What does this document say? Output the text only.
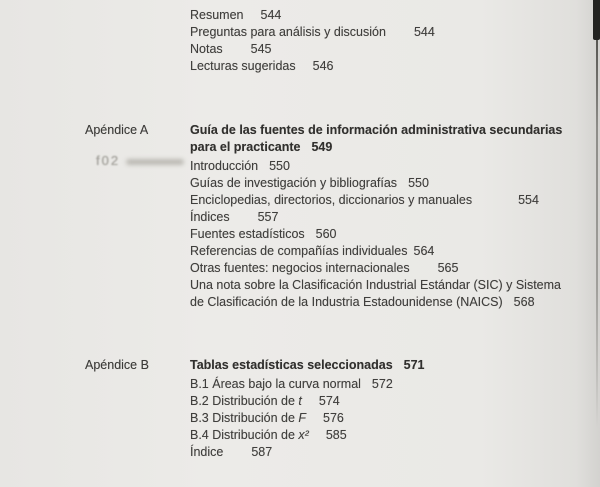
f02
Resumen 544
Preguntas para análisis y discusión 544
Notas 545
Lecturas sugeridas 546
Apéndice A	Guía de las fuentes de información administrativa secundarias
para el practicante 549
Introducción 550
Guías de investigación y bibliografías 550
Enciclopedias, directorios, diccionarios y manuales	554
Índices 557
Fuentes estadísticos 560
Referencias de compañías individuales 564
Otras fuentes: negocios internacionales 565
Una nota sobre la Clasificación Industrial Estándar (SIC) y Sistema
de Clasificación de la Industria Estadounidense (NAICS) 568
Apéndice B	Tablas estadísticas seleccionadas 571
B.1 Áreas bajo la curva normal 572
B.2 Distribución de t 574
B.3 Distribución de F 576
B.4 Distribución de x² 585
Índice 587
